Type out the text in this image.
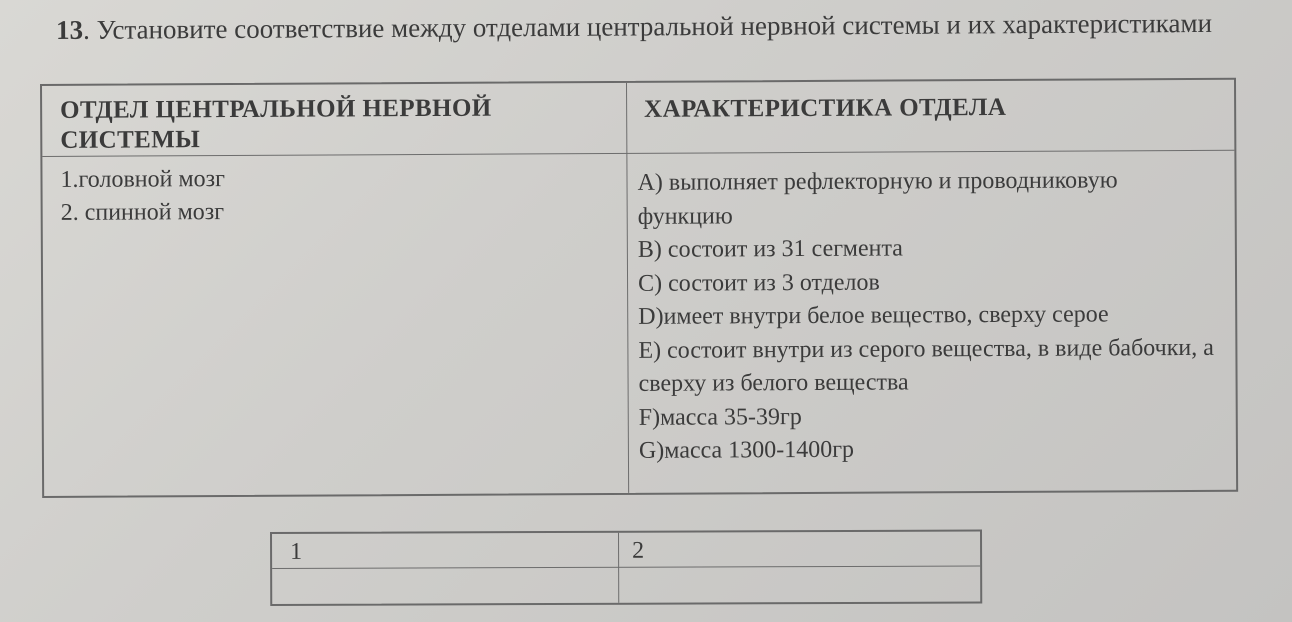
13. Установите соответствие между отделами центральной нервной системы и их характеристиками
ОТДЕЛ ЦЕНТРАЛЬНОЙ НЕРВНОЙ СИСТЕМЫ
ХАРАКТЕРИСТИКА ОТДЕЛА
1.головной мозг
2. спинной мозг
А) выполняет рефлекторную и проводниковую функцию
В) состоит из 31 сегмента
С) состоит из 3 отделов
D)имеет внутри белое вещество, сверху серое
Е) состоит внутри из серого вещества, в виде бабочки, а сверху из белого вещества
F)масса 35-39гр
G)масса 1300-1400гр
1	2
